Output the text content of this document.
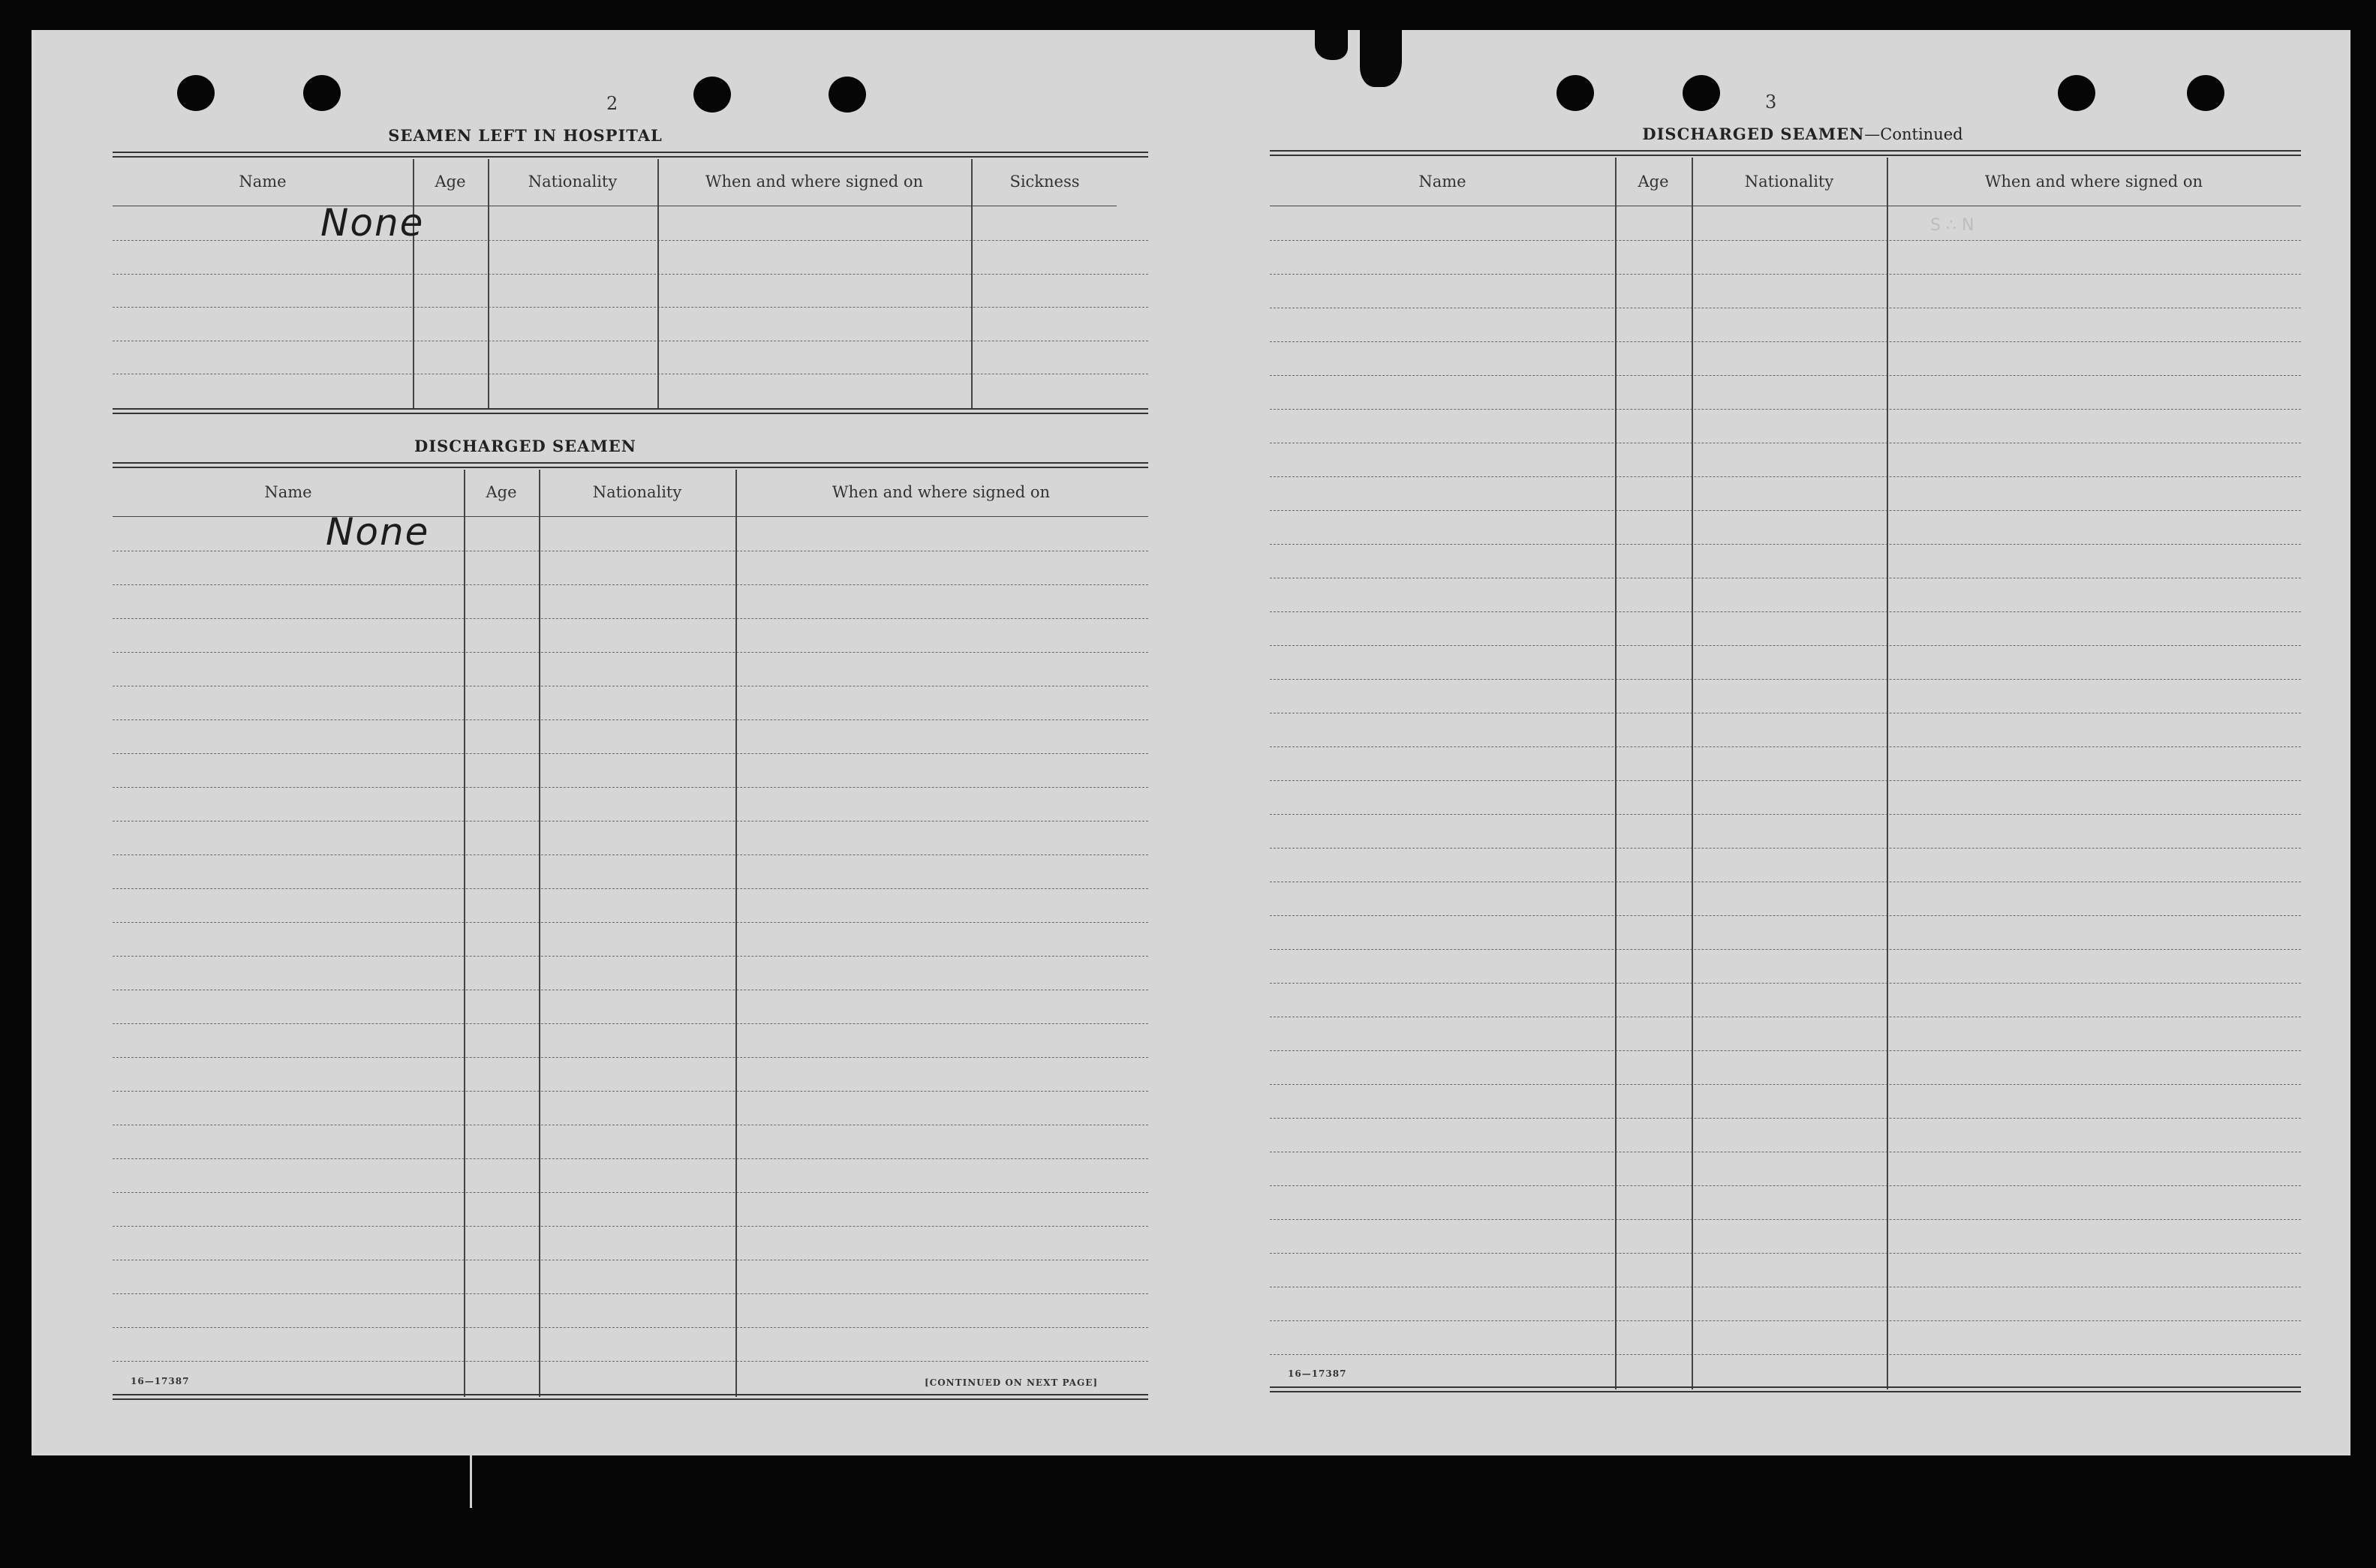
2
SEAMEN LEFT IN HOSPITAL
Name	Age	Nationality	When and where signed on	Sickness
None
DISCHARGED SEAMEN
Name	Age	Nationality	When and where signed on
None
16—17387	[CONTINUED ON NEXT PAGE]
3
DISCHARGED SEAMEN—Continued
Name	Age	Nationality	When and where signed on
S ∴ N
16—17387
